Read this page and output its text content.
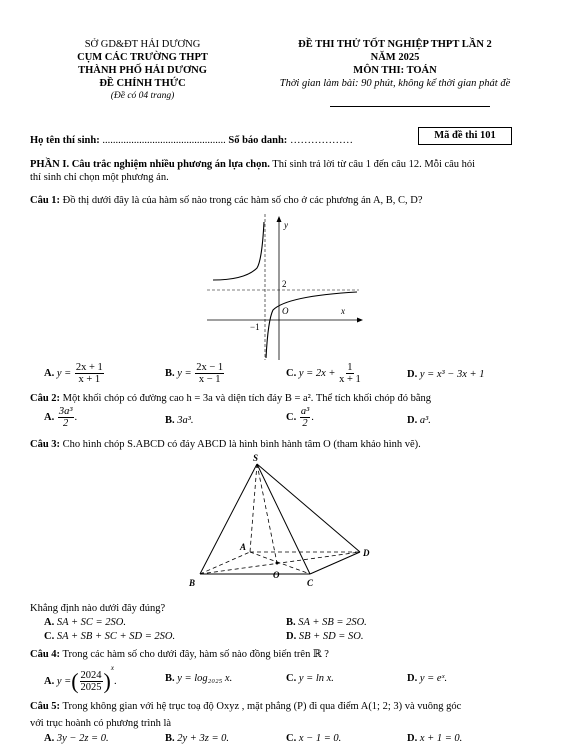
SỞ GD&ĐT HẢI DƯƠNG
CỤM CÁC TRƯỜNG THPT
THÀNH PHỐ HẢI DƯƠNG
ĐỀ CHÍNH THỨC
(Đề có 04 trang)
ĐỀ THI THỬ TỐT NGHIỆP THPT LẦN 2
NĂM 2025
MÔN THI: TOÁN
Thời gian làm bài: 90 phút, không kể thời gian phát đề
Họ tên thí sinh: ............................................... Số báo danh: ………………	Mã đề thi 101
PHẦN I. Câu trắc nghiệm nhiều phương án lựa chọn. Thí sinh trả lời từ câu 1 đến câu 12. Mỗi câu hỏi
thí sinh chỉ chọn một phương án.
Câu 1: Đồ thị dưới đây là của hàm số nào trong các hàm số cho ở các phương án A, B, C, D?
y
x
2
−1
O
A. $y = \frac{2x + 1}{x + 1}$	B. $y = \frac{2x - 1}{x - 1}$	C. $y = 2x + \frac{1}{x + 1}$	D. y = x³ − 3x + 1
Câu 2: Một khối chóp có đường cao h = 3a và diện tích đáy B = a². Thể tích khối chóp đó bằng
A. $\frac{\text{3a³}}{2}$ .	B. 3a³.	C. $\frac{\text{a³}}{2}$ .	D. a³.
Câu 3: Cho hình chóp S.ABCD có đáy ABCD là hình bình hành tâm O (tham khảo hình vẽ).
S
A
B	C
D
O
Khẳng định nào dưới đây đúng?
A. SA + SC = 2SO.	B. SA + SB = 2SO.
C. SA + SB + SC + SD = 2SO.	D. SB + SD = SO.
Câu 4: Trong các hàm số cho dưới đây, hàm số nào đồng biến trên ℝ ?
A. y =( $\frac{2024}{2025} )^x$.	B. y = log₂₀₂₅ x.	C. y = ln x.	D. y = eˣ.
Câu 5: Trong không gian với hệ trục toạ độ Oxyz , mặt phẳng (P) đi qua điểm A(1; 2; 3) và vuông góc
với trục hoành có phương trình là
A. 3y − 2z = 0.	B. 2y + 3z = 0.	C. x − 1 = 0.	D. x + 1 = 0.
